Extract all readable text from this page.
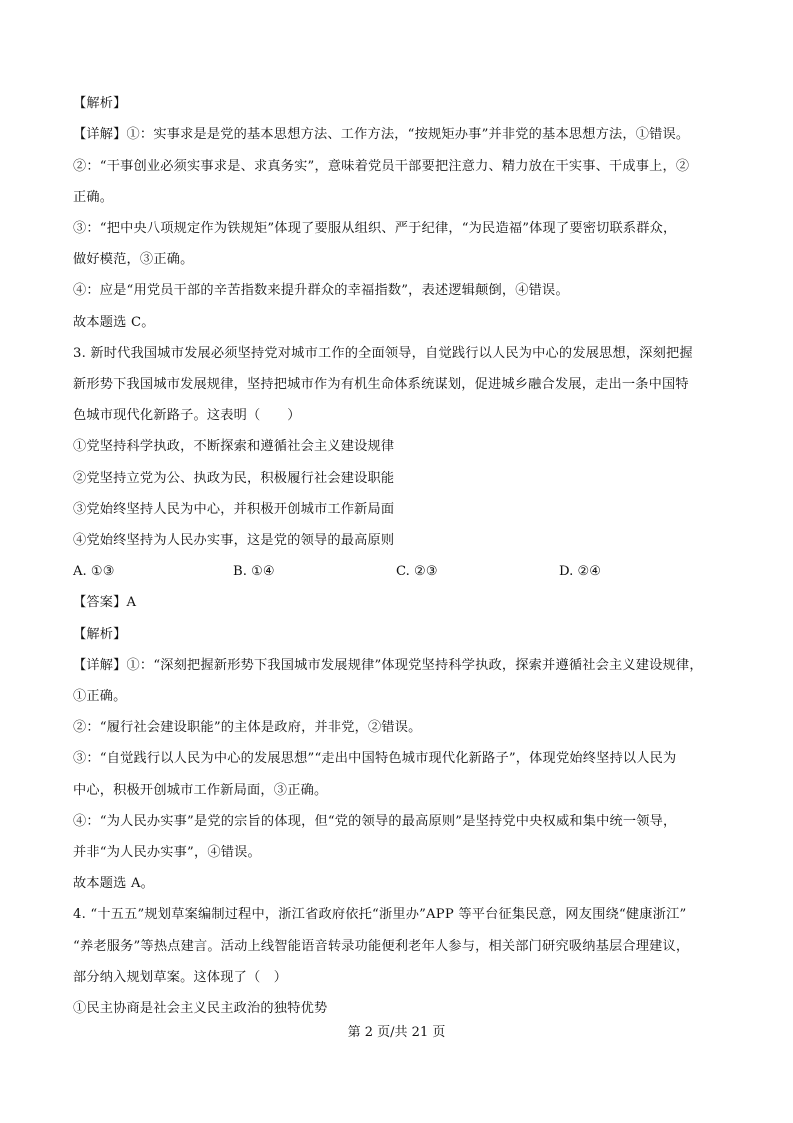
【解析】
【详解】①：实事求是是党的基本思想方法、工作方法，“按规矩办事”并非党的基本思想方法，①错误。
②：“干事创业必须实事求是、求真务实”，意味着党员干部要把注意力、精力放在干实事、干成事上，②
正确。
③：“把中央八项规定作为铁规矩”体现了要服从组织、严于纪律，“为民造福”体现了要密切联系群众，
做好模范，③正确。
④：应是“用党员干部的辛苦指数来提升群众的幸福指数”，表述逻辑颠倒，④错误。
故本题选 C。
3. 新时代我国城市发展必须坚持党对城市工作的全面领导，自觉践行以人民为中心的发展思想，深刻把握
新形势下我国城市发展规律，坚持把城市作为有机生命体系统谋划，促进城乡融合发展，走出一条中国特
色城市现代化新路子。这表明（　　）
①党坚持科学执政，不断探索和遵循社会主义建设规律
②党坚持立党为公、执政为民，积极履行社会建设职能
③党始终坚持人民为中心，并积极开创城市工作新局面
④党始终坚持为人民办实事，这是党的领导的最高原则
A. ①③	B. ①④	C. ②③	D. ②④
【答案】A
【解析】
【详解】①：“深刻把握新形势下我国城市发展规律”体现党坚持科学执政，探索并遵循社会主义建设规律，
①正确。
②：“履行社会建设职能”的主体是政府，并非党，②错误。
③：“自觉践行以人民为中心的发展思想”“走出中国特色城市现代化新路子”，体现党始终坚持以人民为
中心，积极开创城市工作新局面，③正确。
④：“为人民办实事”是党的宗旨的体现，但“党的领导的最高原则”是坚持党中央权威和集中统一领导，
并非“为人民办实事”，④错误。
故本题选 A。
4. “十五五”规划草案编制过程中，浙江省政府依托“浙里办”APP 等平台征集民意，网友围绕“健康浙江”
“养老服务”等热点建言。活动上线智能语音转录功能便利老年人参与，相关部门研究吸纳基层合理建议，
部分纳入规划草案。这体现了（　）
①民主协商是社会主义民主政治的独特优势
第 2 页/共 21 页
